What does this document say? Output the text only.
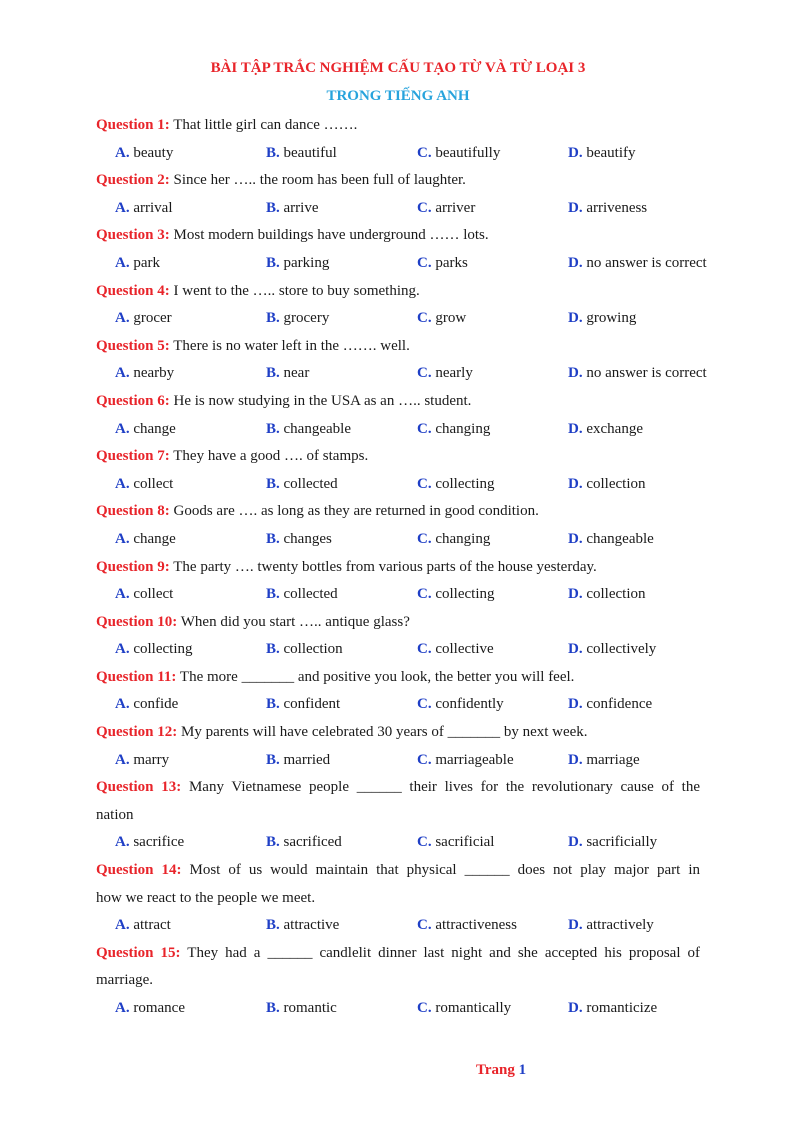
BÀI TẬP TRẮC NGHIỆM CẤU TẠO TỪ VÀ TỪ LOẠI 3
TRONG TIẾNG ANH
Question 1: That little girl can dance …….
A. beauty	B. beautiful	C. beautifully	D. beautify
Question 2: Since her ….. the room has been full of laughter.
A. arrival	B. arrive	C. arriver	D. arriveness
Question 3: Most modern buildings have underground …… lots.
A. park	B. parking	C. parks	D. no answer is correct
Question 4: I went to the ….. store to buy something.
A. grocer	B. grocery	C. grow	D. growing
Question 5: There is no water left in the ……. well.
A. nearby	B. near	C. nearly	D. no answer is correct
Question 6: He is now studying in the USA as an ….. student.
A. change	B. changeable	C. changing	D. exchange
Question 7: They have a good …. of stamps.
A. collect	B. collected	C. collecting	D. collection
Question 8: Goods are …. as long as they are returned in good condition.
A. change	B. changes	C. changing	D. changeable
Question 9: The party …. twenty bottles from various parts of the house yesterday.
A. collect	B. collected	C. collecting	D. collection
Question 10: When did you start ….. antique glass?
A. collecting	B. collection	C. collective	D. collectively
Question 11: The more _______ and positive you look, the better you will feel.
A. confide	B. confident	C. confidently	D. confidence
Question 12: My parents will have celebrated 30 years of _______ by next week.
A. marry	B. married	C. marriageable	D. marriage
Question 13: Many Vietnamese people ______ their lives for the revolutionary cause of the
nation
A. sacrifice	B. sacrificed	C. sacrificial	D. sacrificially
Question 14: Most of us would maintain that physical ______ does not play major part in
how we react to the people we meet.
A. attract	B. attractive	C. attractiveness	D. attractively
Question 15: They had a ______ candlelit dinner last night and she accepted his proposal of
marriage.
A. romance	B. romantic	C. romantically	D. romanticize
Trang 1
